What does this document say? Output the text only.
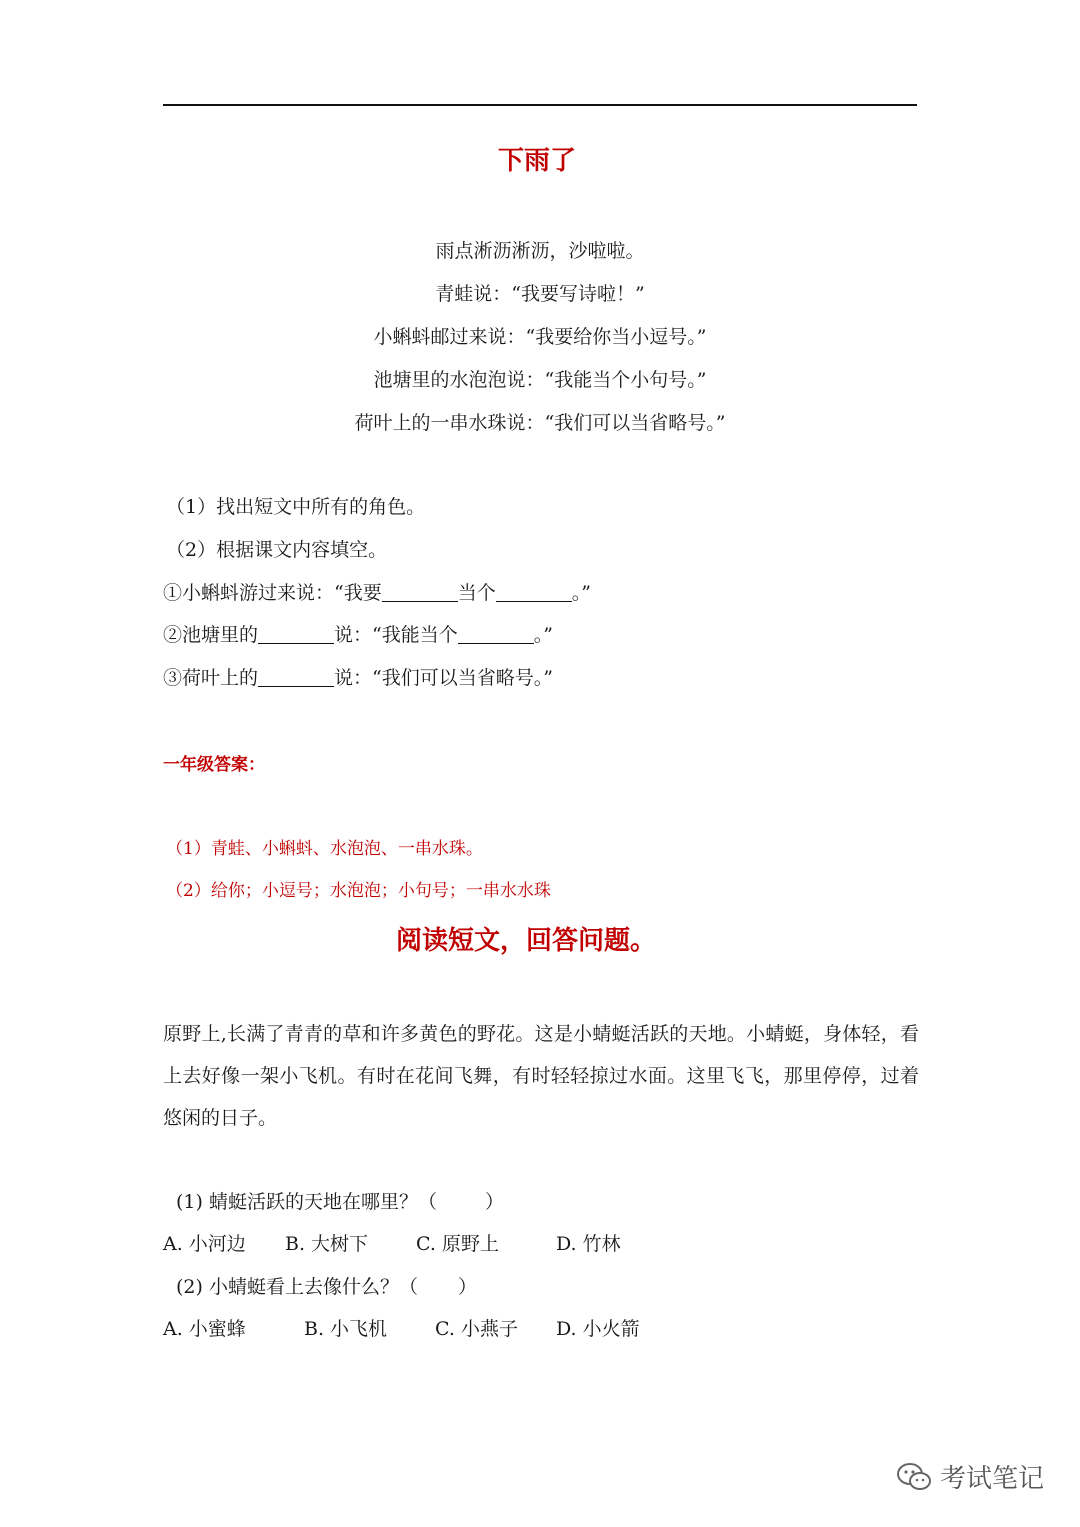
下雨了
雨点淅沥淅沥，沙啦啦。
青蛙说：“我要写诗啦！”
小蝌蚪邮过来说：“我要给你当小逗号。”
池塘里的水泡泡说：“我能当个小句号。”
荷叶上的一串水珠说：“我们可以当省略号。”
（1）找出短文中所有的角色。
（2）根据课文内容填空。
①小蝌蚪游过来说：“我要	当个	。”
②池塘里的	说：“我能当个	。”
③荷叶上的	说：“我们可以当省略号。”
一年级答案：
（1）青蛙、小蝌蚪、水泡泡、一串水珠。
（2）给你；小逗号；水泡泡；小句号；一串水水珠
阅读短文，回答问题。
原野上,长满了青青的草和许多黄色的野花。这是小蜻蜓活跃的天地。小蜻蜓，身体轻，看上去好像一架小飞机。有时在花间飞舞，有时轻轻掠过水面。这里飞飞，那里停停，过着悠闲的日子。
(1) 蜻蜓活跃的天地在哪里？（	）
A. 小河边 B. 大树下	C. 原野上	D. 竹林
(2) 小蜻蜓看上去像什么？（ ）
A. 小蜜蜂	B. 小飞机	C. 小燕子 D. 小火箭
考试笔记
